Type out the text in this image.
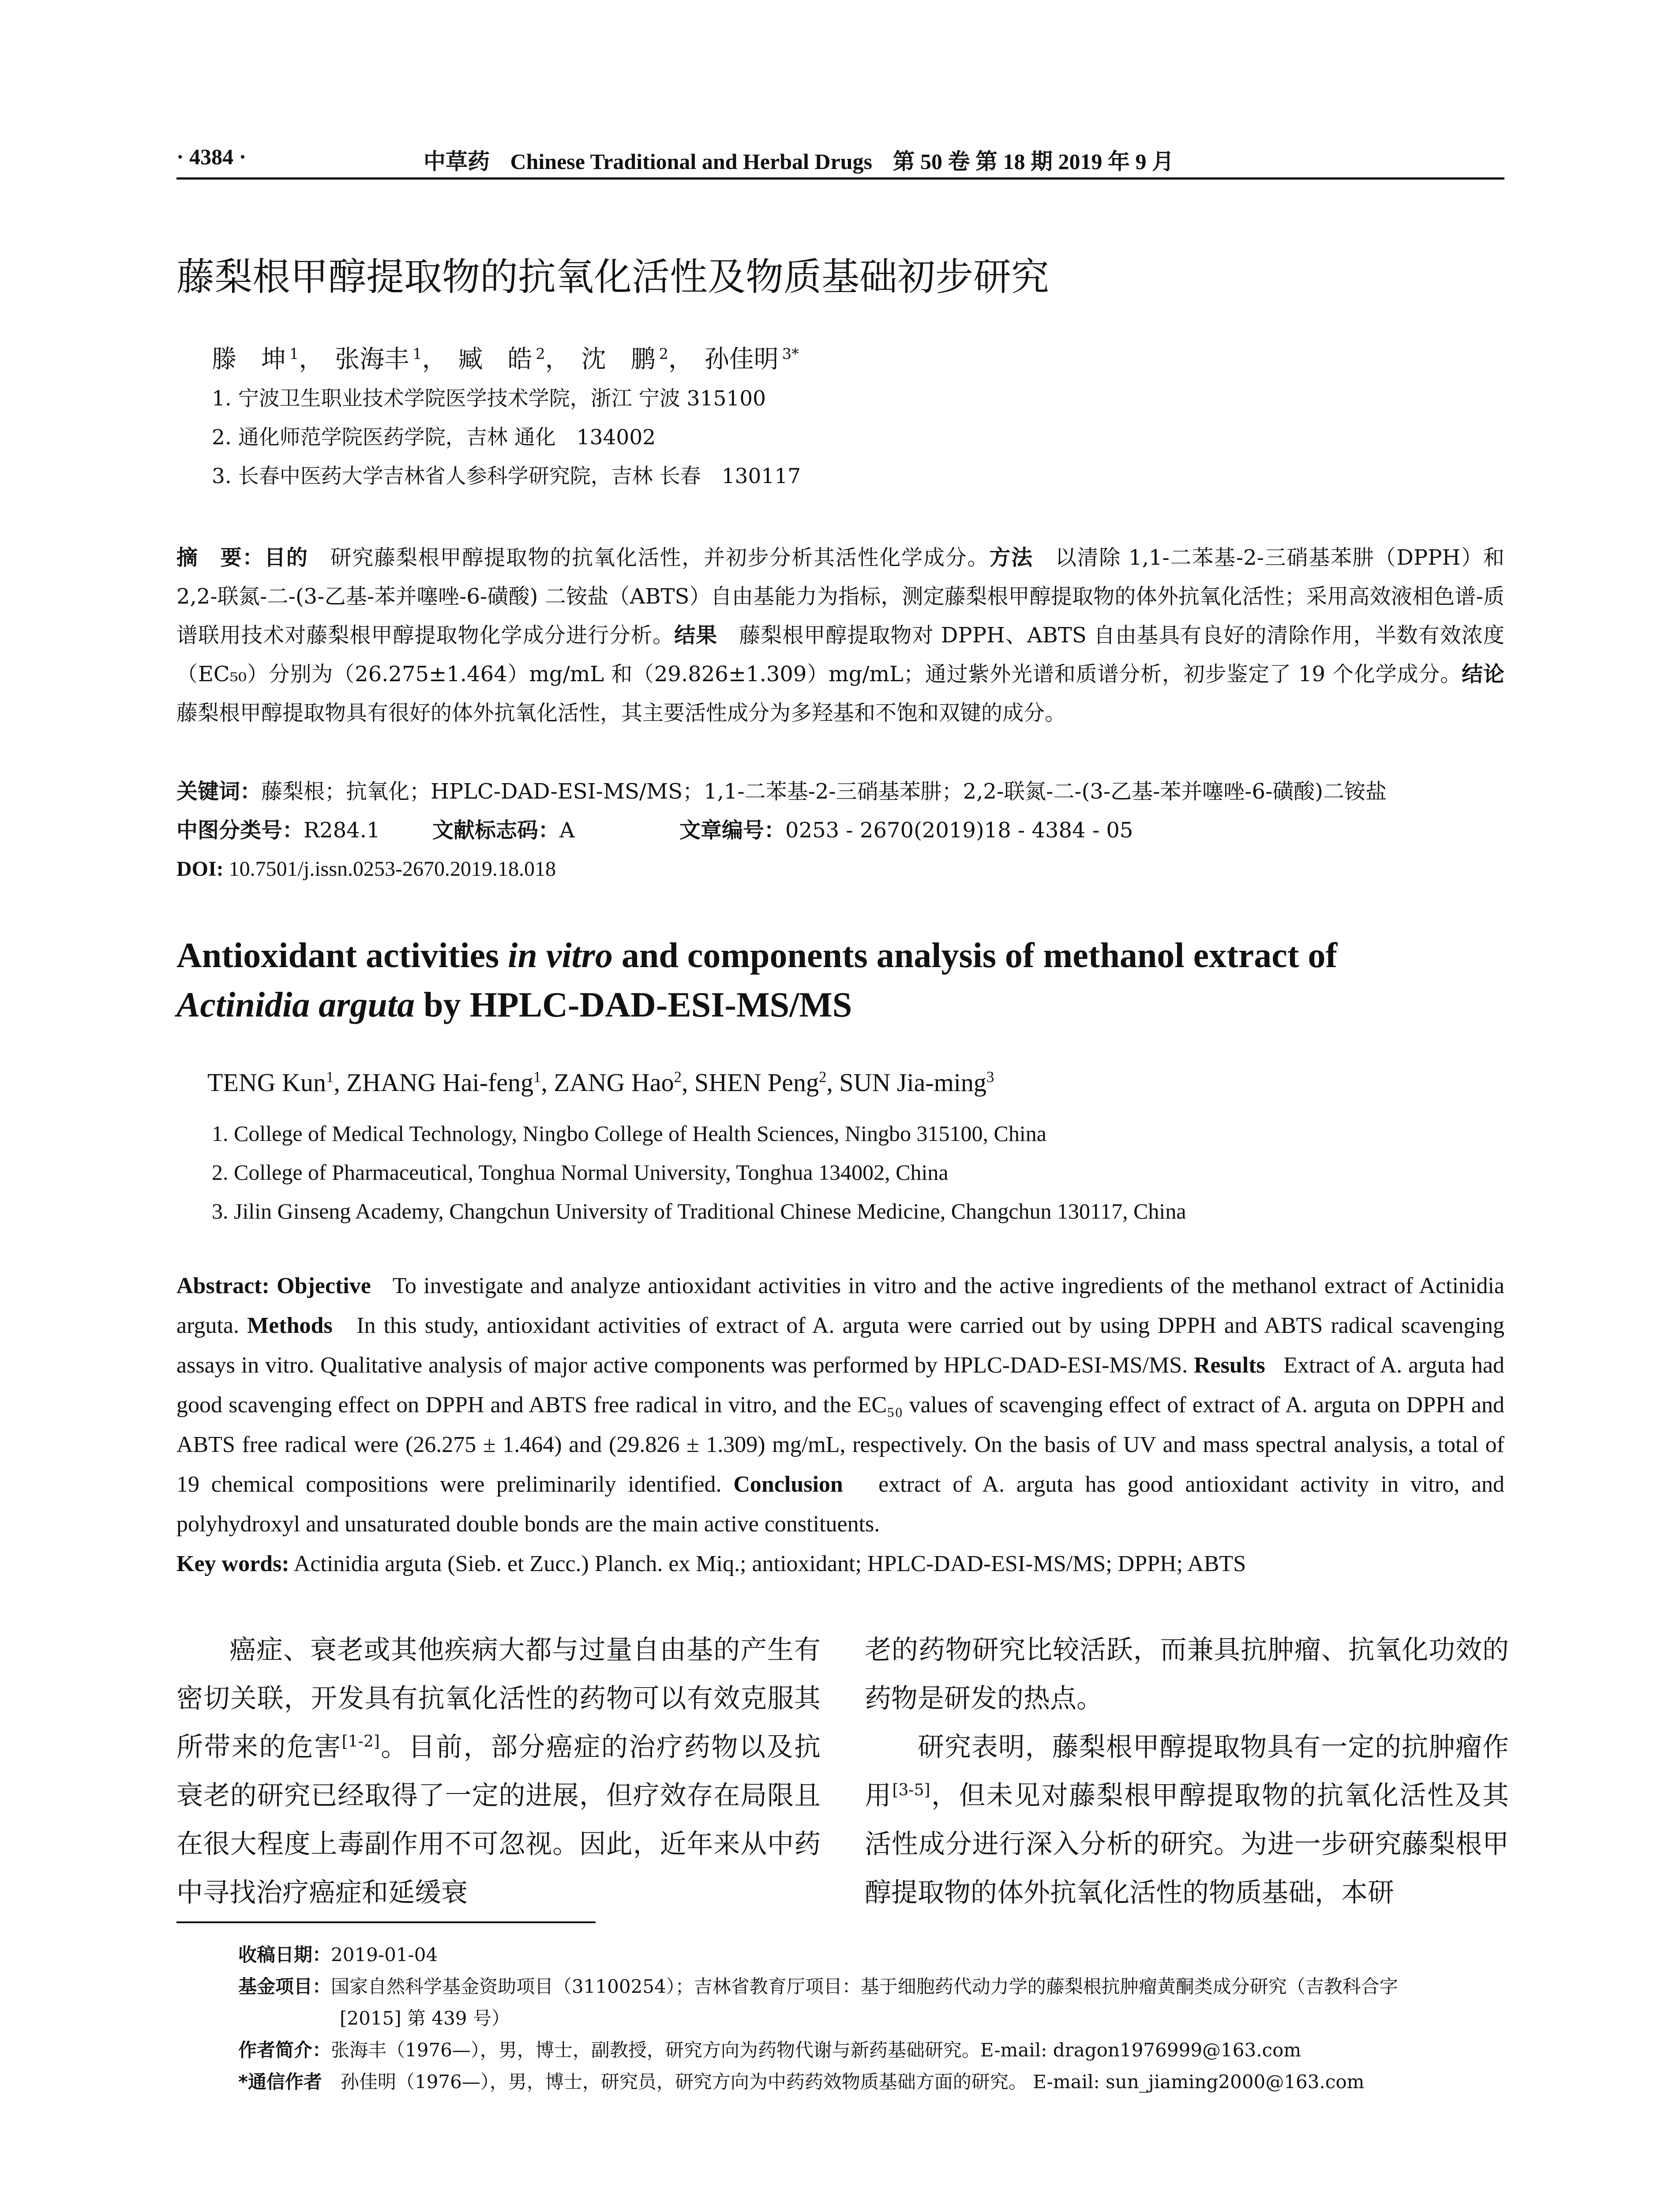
· 4384 ·	中草药 Chinese Traditional and Herbal Drugs 第 50 卷 第 18 期 2019 年 9 月
藤梨根甲醇提取物的抗氧化活性及物质基础初步研究
滕　坤 $^1$， 张海丰 $^1$， 臧　皓 $^2$， 沈　鹏 $^2$， 孙佳明 $^{3*}$
1. 宁波卫生职业技术学院医学技术学院，浙江 宁波 315100
2. 通化师范学院医药学院，吉林 通化　134002
3. 长春中医药大学吉林省人参科学研究院，吉林 长春　130117
摘　要：目的　 研究藤梨根甲醇提取物的抗氧化活性，并初步分析其活性化学成分。方法　 以清除 1,1-二苯基-2-三硝基苯肼（DPPH）和 2,2-联氮-二-(3-乙基-苯并噻唑-6-磺酸) 二铵盐（ABTS）自由基能力为指标，测定藤梨根甲醇提取物的体外抗氧化活性；采用高效液相色谱-质谱联用技术对藤梨根甲醇提取物化学成分进行分析。结果　 藤梨根甲醇提取物对 DPPH、ABTS 自由基具有良好的清除作用，半数有效浓度（EC₅₀）分别为（26.275±1.464）mg/mL 和（29.826±1.309）mg/mL；通过紫外光谱和质谱分析，初步鉴定了 19 个化学成分。结论　藤梨根甲醇提取物具有很好的体外抗氧化活性，其主要活性成分为多羟基和不饱和双键的成分。
关键词：藤梨根；抗氧化；HPLC-DAD-ESI-MS/MS；1,1-二苯基-2-三硝基苯肼；2,2-联氮-二-(3-乙基-苯并噻唑-6-磺酸)二铵盐
中图分类号：R284.1 文献标志码：A	文章编号：0253 - 2670(2019)18 - 4384 - 05
DOI: 10.7501/j.issn.0253-2670.2019.18.018
Antioxidant activities in vitro and components analysis of methanol extract of
Actinidia arguta by HPLC-DAD-ESI-MS/MS
TENG Kun$^1$, ZHANG Hai-feng$^1$, ZANG Hao$^2$, SHEN Peng$^2$, SUN Jia-ming$^3$
1. College of Medical Technology, Ningbo College of Health Sciences, Ningbo 315100, China
2. College of Pharmaceutical, Tonghua Normal University, Tonghua 134002, China
3. Jilin Ginseng Academy, Changchun University of Traditional Chinese Medicine, Changchun 130117, China
Abstract: Objective To investigate and analyze antioxidant activities in vitro and the active ingredients of the methanol extract of Actinidia arguta. Methods In this study, antioxidant activities of extract of A. arguta were carried out by using DPPH and ABTS radical scavenging assays in vitro. Qualitative analysis of major active components was performed by HPLC-DAD-ESI-MS/MS. Results Extract of A. arguta had good scavenging effect on DPPH and ABTS free radical in vitro, and the EC₅₀ values of scavenging effect of extract of A. arguta on DPPH and ABTS free radical were (26.275 ± 1.464) and (29.826 ± 1.309) mg/mL, respectively. On the basis of UV and mass spectral analysis, a total of 19 chemical compositions were preliminarily identified. Conclusion extract of A. arguta has good antioxidant activity in vitro, and polyhydroxyl and unsaturated double bonds are the main active constituents.
Key words: Actinidia arguta (Sieb. et Zucc.) Planch. ex Miq.; antioxidant; HPLC-DAD-ESI-MS/MS; DPPH; ABTS

癌症、衰老或其他疾病大都与过量自由基的产生有密切关联，开发具有抗氧化活性的药物可以有效克服其所带来的危害[1-2]。目前，部分癌症的治疗药物以及抗衰老的研究已经取得了一定的进展，但疗效存在局限且在很大程度上毒副作用不可忽视。因此，近年来从中药中寻找治疗癌症和延缓衰

老的药物研究比较活跃，而兼具抗肿瘤、抗氧化功效的药物是研发的热点。

研究表明，藤梨根甲醇提取物具有一定的抗肿瘤作用[3-5]，但未见对藤梨根甲醇提取物的抗氧化活性及其活性成分进行深入分析的研究。为进一步研究藤梨根甲醇提取物的体外抗氧化活性的物质基础，本研

收稿日期：2019-01-04
基金项目：国家自然科学基金资助项目（31100254）；吉林省教育厅项目：基于细胞药代动力学的藤梨根抗肿瘤黄酮类成分研究（吉教科合字
[2015] 第 439 号）
作者简介：张海丰（1976—），男，博士，副教授，研究方向为药物代谢与新药基础研究。E-mail: dragon1976999@163.com
*通信作者　 孙佳明（1976—），男，博士，研究员，研究方向为中药药效物质基础方面的研究。 E-mail: sun_jiaming2000@163.com
